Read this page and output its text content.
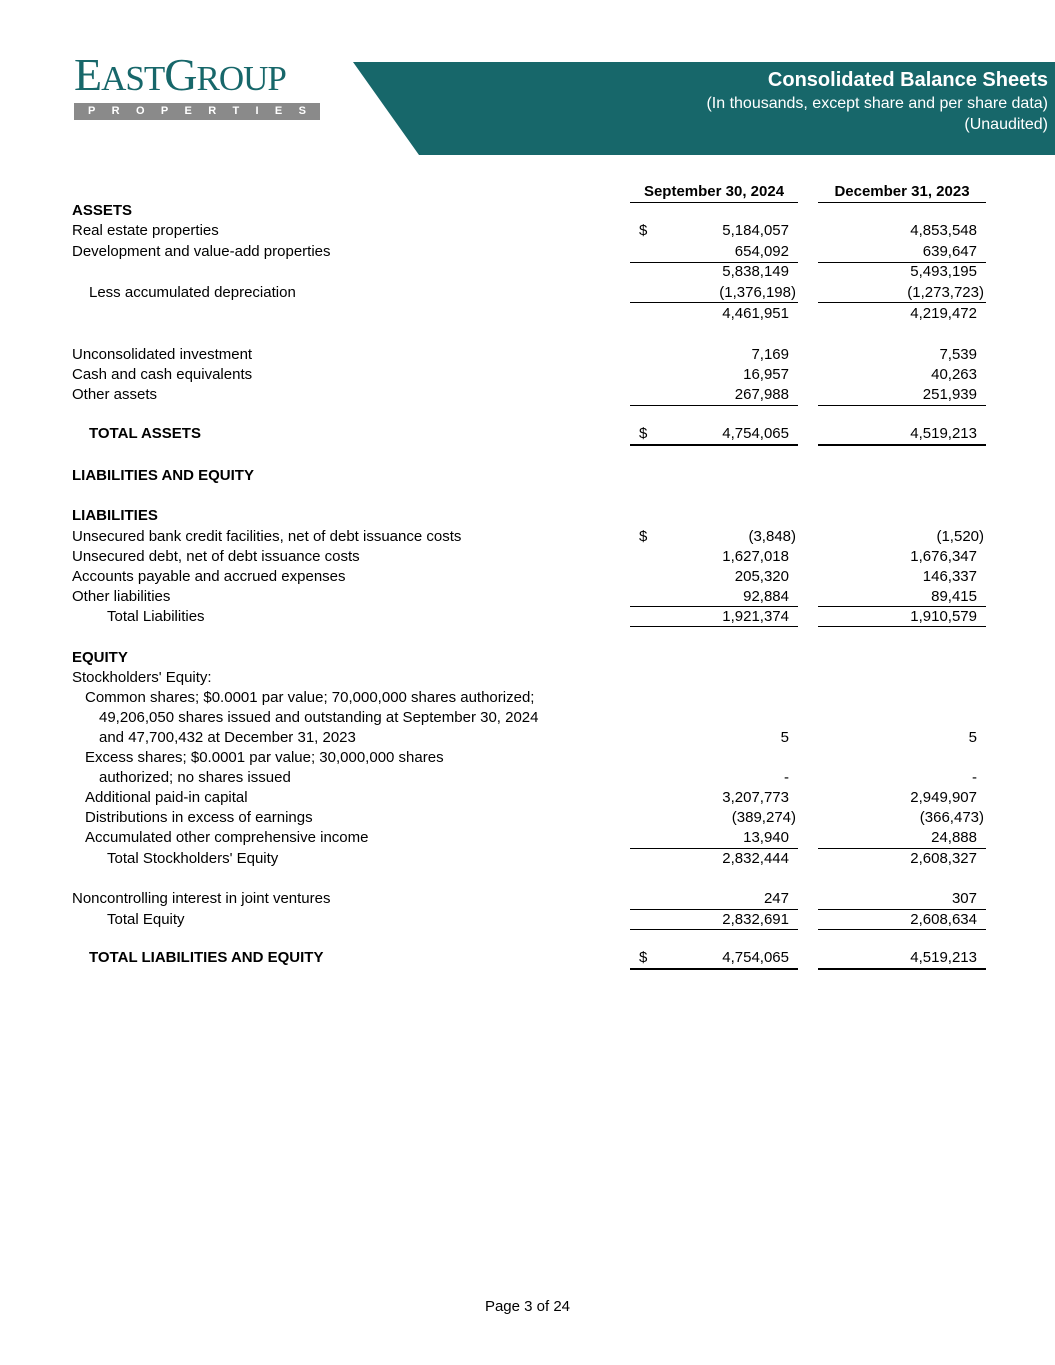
EASTGROUP
P R O P E R T I E S
Consolidated Balance Sheets
(In thousands, except share and per share data)
(Unaudited)
September 30, 2024	December 31, 2023
ASSETS
Real estate properties	$	5,184,057	4,853,548
Development and value-add properties	654,092	639,647
5,838,149	5,493,195
Less accumulated depreciation	(1,376,198)	(1,273,723)
4,461,951	4,219,472
Unconsolidated investment	7,169	7,539
Cash and cash equivalents	16,957	40,263
Other assets	267,988	251,939
TOTAL ASSETS	$	4,754,065	4,519,213
LIABILITIES AND EQUITY
LIABILITIES
Unsecured bank credit facilities, net of debt issuance costs	$	(3,848)	(1,520)
Unsecured debt, net of debt issuance costs	1,627,018	1,676,347
Accounts payable and accrued expenses	205,320	146,337
Other liabilities	92,884	89,415
Total Liabilities	1,921,374	1,910,579
EQUITY
Stockholders' Equity:
Common shares; $0.0001 par value; 70,000,000 shares authorized;
49,206,050 shares issued and outstanding at September 30, 2024
and 47,700,432 at December 31, 2023	5	5
Excess shares; $0.0001 par value; 30,000,000 shares
authorized; no shares issued	-	-
Additional paid-in capital	3,207,773	2,949,907
Distributions in excess of earnings	(389,274)	(366,473)
Accumulated other comprehensive income	13,940	24,888
Total Stockholders' Equity	2,832,444	2,608,327
Noncontrolling interest in joint ventures	247	307
Total Equity	2,832,691	2,608,634
TOTAL LIABILITIES AND EQUITY	$	4,754,065	4,519,213
Page 3 of 24
